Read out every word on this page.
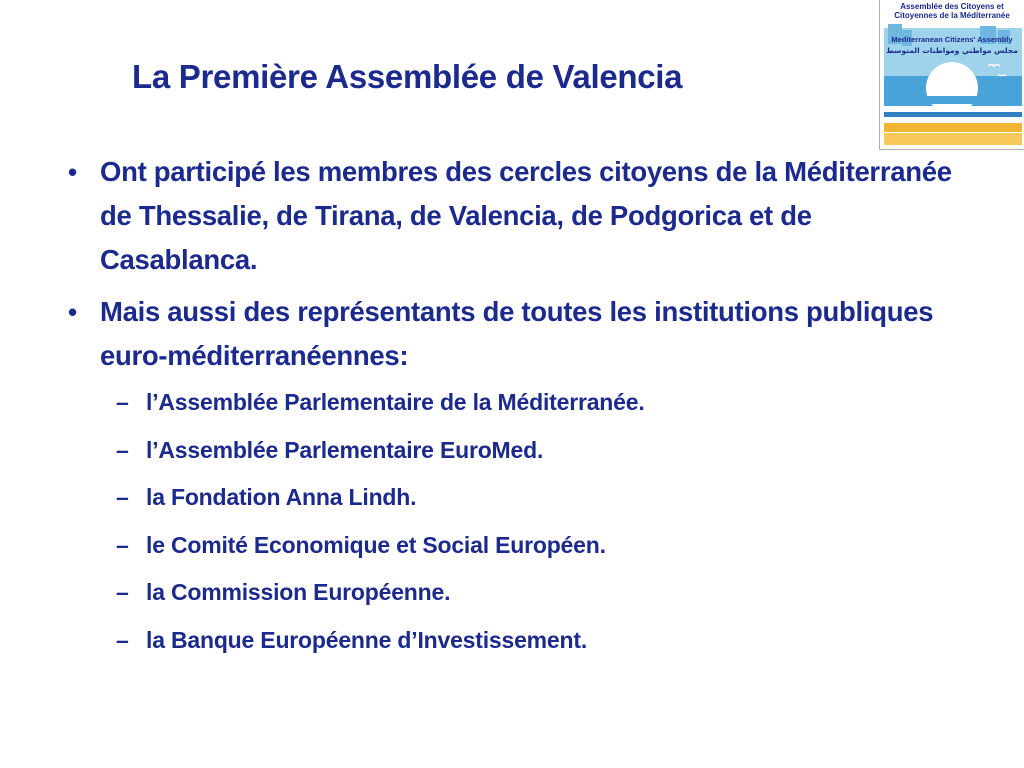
La Première Assemblée de Valencia
Assemblée des Citoyens et
Citoyennes de la Méditerranée
Mediterranean Citizens' Assembly
مجلس مواطني ومواطنات المتوسط

• Ont participé les membres des cercles citoyens de la Méditerranée de Thessalie, de Tirana, de Valencia, de Podgorica et de Casablanca.

• Mais aussi des représentants de toutes les institutions publiques euro-méditerranéennes:

– l’Assemblée Parlementaire de la Méditerranée.

– l’Assemblée Parlementaire EuroMed.

– la Fondation Anna Lindh.

– le Comité Economique et Social Européen.

– la Commission Européenne.

– la Banque Européenne d’Investissement.
